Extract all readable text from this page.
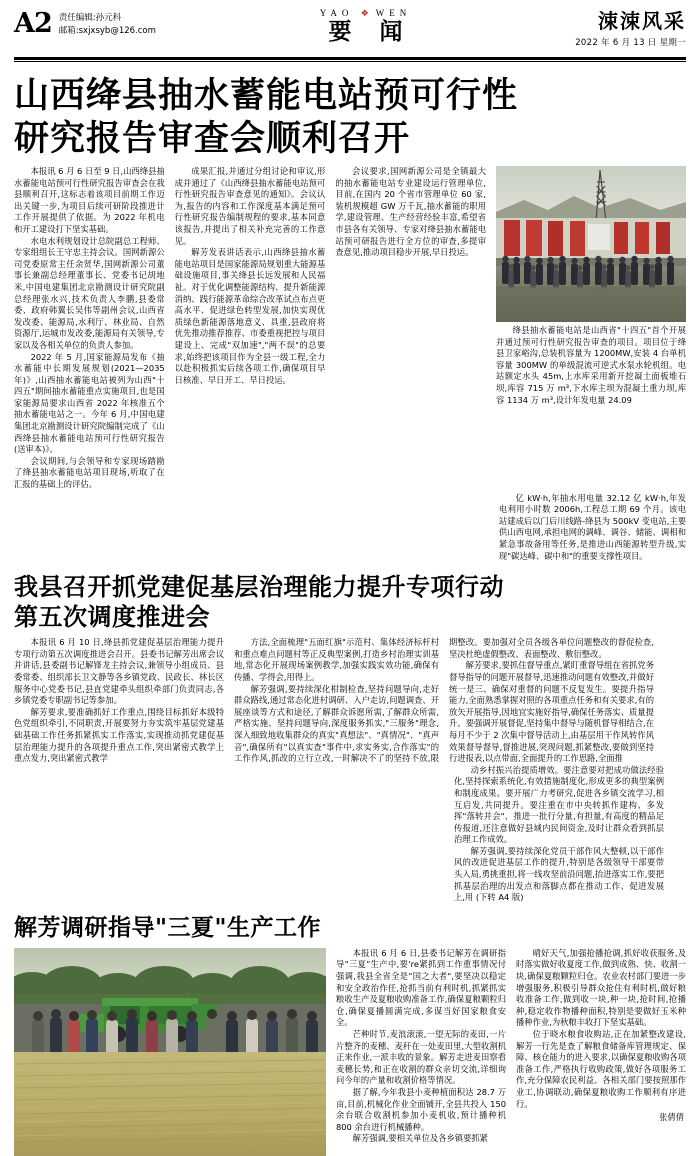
A2 责任编辑:孙元科
邮箱:sxjxsyb@126.com
YAO ❖ WEN
要 闻	涑涑风采
2022 年 6 月 13 日 星期一
山西绛县抽水蓄能电站预可行性
研究报告审查会顺利召开

本报讯 6 月 6 日至 9 日,山西绛县抽水蓄能电站预可行性研究报告审查会在我县顺利召开,这标志着该项目前期工作迈出关键一步,为项目后续可研阶段推进计工作开展提供了依据。为 2022 年机电和开工建设打下坚实基础。

水电水利规划设计总院副总工程师、专家组组长王守忠主持会议。国网新源公司党委原常主任余贤华,国网新源公司董事长兼副总经理董事长、党委书记胡地米,中国电建集团北京勘测设计研究院副总经理张水兴,技术负责人李鹏,县委常委、政府韩翼长吴伟等副州会议,山西省发改委、能源局,水利厅、林业局、自然资源厅,运城市发改委,能源局有关领导,专家以及各相关单位的负责人参加。

2022 年 5 月,国家能源局发布《抽水蓄能中长期发展规划(2021—2035 年)》,山西抽水蓄能电站被列为山西"十四五"期间抽水蓄能重点实施项目,也是国家能源局要求山西省 2022 年核准五个抽水蓄能电站之一。今年 6 月,中国电建集团北京勘测设计研究院编制完成了《山西绛县抽水蓄能电站预可行性研究报告(送审本)》。

会议期间,与会领导和专家现场踏勘了绛县抽水蓄能电站项目现场,听取了在汇报的基础上的评估。

成果汇报,并通过分组讨论和审议,形成并通过了《山西绛县抽水蓄能电站预可行性研究报告审查意见的通知》。会议认为,报告的内容和工作深度基本满足预可行性研究报告编制规程的要求,基本同意该报告,并提出了相关补充完善的工作意见。

解芳发表讲话表示,山西绛县抽水蓄能电站项目是国家能源局规划重大能源基础设施项目,事关绛县长远发展和人民福祉。对于优化调整能源结构、提升新能源消纳、践行能源革命综合改革试点布点更高水平、促进绿色转型发展,加快实现优质绿色新能源落地意义、具重,县政府将优先推动推荐推荐、市委重视把控与项目建设上、完成"双加速","两不误"的总要求,始终把该项目作为全县一级工程,全力以赴积极抓实后续各项工作,确保项目早日核准、早日开工、早日投运。

会议要求,国网新源公司是全镇最大的抽水蓄能电站专业建设运行管理单位,目前,在国内 20 个省市管理单位 60 家,装机规模超 GW 万千瓦,抽水蓄能的职用学,建设管理、生产经营经验丰富,希望省市县各有关领导、专家对绛县抽水蓄能电站预可研报告进行全方位的审查,多提审查意见,推动项目稳步开展,早日投运。

绛县抽水蓄能电站是山西省"十四五"首个开展并通过预可行性研究报告审查的项目。项目位于绛县卫家峪沟,总装机容量为 1200MW,安装 4 台单机容量 300MW 的单级混流可逆式水泵水轮机组。电站额定水头 45m,上水库采用新开挖凝土面板堆石坝,库容 715 万 m³,下水库主坝为混凝土重力坝,库容 1134 万 m³,设计年发电量 24.09

亿 kW·h,年抽水用电量 32.12 亿 kW·h,年发电利用小时数 2006h,工程总工期 69 个月。该电站建成后以门后川线路-绛县为 500kV 变电站,主要供山西电网,承担电网的调峰、调谷、储能、调相和紧急事故备用等任务,是推进山西能源转型升级,实现"碳达峰、碳中和"的重要支撑性项目。

我县召开抓党建促基层治理能力提升专项行动
第五次调度推进会

本报讯 6 月 10 日,绛县抓党建促基层治理能力提升专项行动第五次调度推进会召开。县委书记解芳出席会议并讲话,县委副书记解锋龙主持会议,兼领导小组成员、县委常委、组织部长卫文静等各乡镇党政、民政长、林长区服务中心党委书记,县直党建牵头组织牵部门负责同志,各乡镇党委专职副书记等参加。

解芳要求,要准确抓好工作重点,围绕目标抓好本级特色党组织牵引,不同职责,开展要努力夯实筑牢基层党建基础基础工作任务抓紧抓实工作落实,实现推动抓党建促基层治理能力提升的各项提升重点工作,突出紧密式教学上重点发力,突出紧密式教学

方法,全面梳理"五面红旗"示范村、集体经济标杆村和重点难点问题村等正反典型案例,打造乡村治理实训基地,常态化开展现场案例教学,加强实践实效功能,确保有传播、学得会,用得上。

解芳强调,要持续深化柑制检查,坚持问题导向,走好群众路线,通过常态化进村调研、入户走访,问题调查、开展座谈等方式和途径,了解群众诉愿所需,了解群众所需,严格实施、坚持问题导向,深度服务抓实,"三服务"理念,深入细致地收集群众的真实"真想法"、"真情况"、"真声音",确保所有"以真实查"事件中,求实务实,合作落实"的工作作风,抓改的立行立改,一时解决不了的坚持不放,限期整改。要加强对全员各级各单位问题整改的督促检查,坚决杜绝虚假整改、表面整改、敷衍整改。

解芳要求,要抓住督导重点,紧盯重督导组在省抓党务督导指导的问题开展督导,迅速推动问题有效整改,并做好统一是三、确保对重督的问题不反复发生。要提升指导能力,全面熟悉掌握对照的各项重点任务和有关要求,有的放矢开展指导,因地宜实施好指导,确保任务落实、质量提升。要强调开展督促,坚持集中督导与随机督导相结合,在每月不少于 2 次集中督导活动上,由基层用干作风转作风效果督导督导,督推进展,突现问题,抓紧整改,要做到坚持行进报表,以点带面,全面提升的工作思路,全面推

动乡村振兴治提质增效。要注意要对把成功做法经验化,坚持探索系统化,有效措施制度化,形成更多的典型案例和制度成果。要开展广力考研究,促进各乡镇交流学习,相互启发,共同提升。要注重在市中央转抓作建构、多发挥"落转并会"、推进一批行分量,有担量,有高度的精品足传报道,还注意做好县域内民间资金,及时让群众看到抓层治理工作成效。

解芳强调,要持续深化党员干部作风大整顿,以干部作风的改进促进基层工作的提升,特别是各级领导干部要带头入局,勇挑重担,将一线攻坚前沿问题,抬进落实工作,要把抓基层治理的出发点和落脚点都在推动工作、促进发展上,用 (下转 A4 版)

解芳调研指导"三夏"生产工作

本报讯 6 月 6 日,县委书记解芳在调研指导"三夏"生产中,要're紧抓到工作重事情况付强调,我县全省全是"国之大者",要坚决以稳定和安全政治作任,抢抓当前有利时机,抓紧抓实粮收生产及夏粮收购准备工作,确保夏粮颗粒归仓,确保夏播圆满完成,多谋当好国家粮食安全。

芒种时节,麦浪滚滚,一望无际的麦田,一片片整齐的麦穗、麦秆在一处麦田里,大型收割机正来作业,一派丰收的景象。解芳走进麦田察看麦穗长势,和正在收割的群众亲切交流,详细询问今年的产量和收割价格等情况。

据了解,今年我县小麦种植面积达 28.7 万亩,目前,机械化作业全面铺开,全县共投入 150 余台联合收割机参加小麦机收,预计播种机 800 余台进行机械播种。

解芳强调,要相关单位及各乡镇要抓紧

晴好天气,加强抢播抢调,抓好收获服务,及时落实做好收夏度工作,做到成熟、快、收割一块,确保夏粮颗粒归仓。农业农村部门要进一步增强服务,积极引导群众抢住有利时机,做好粮收准备工作,做到收一块,种一块,抢时间,抢播种,稳定收作物播种面积,特别是要做好玉米种播种作业,为秋粮丰收打下坚实基础。

位于晓水粮食收购站,正在加紧整改建设,解芳一行先是查了解粮食储备库管理规定、保障、核仓能力的进入要求,以确保夏粮收购各项准备工作,严格执行收购政策,做好各项服务工作,充分保障农民利益。各相关部门要按照那作业工,协调联动,确保夏粮收购工作顺利有序进行。

张倩倩
